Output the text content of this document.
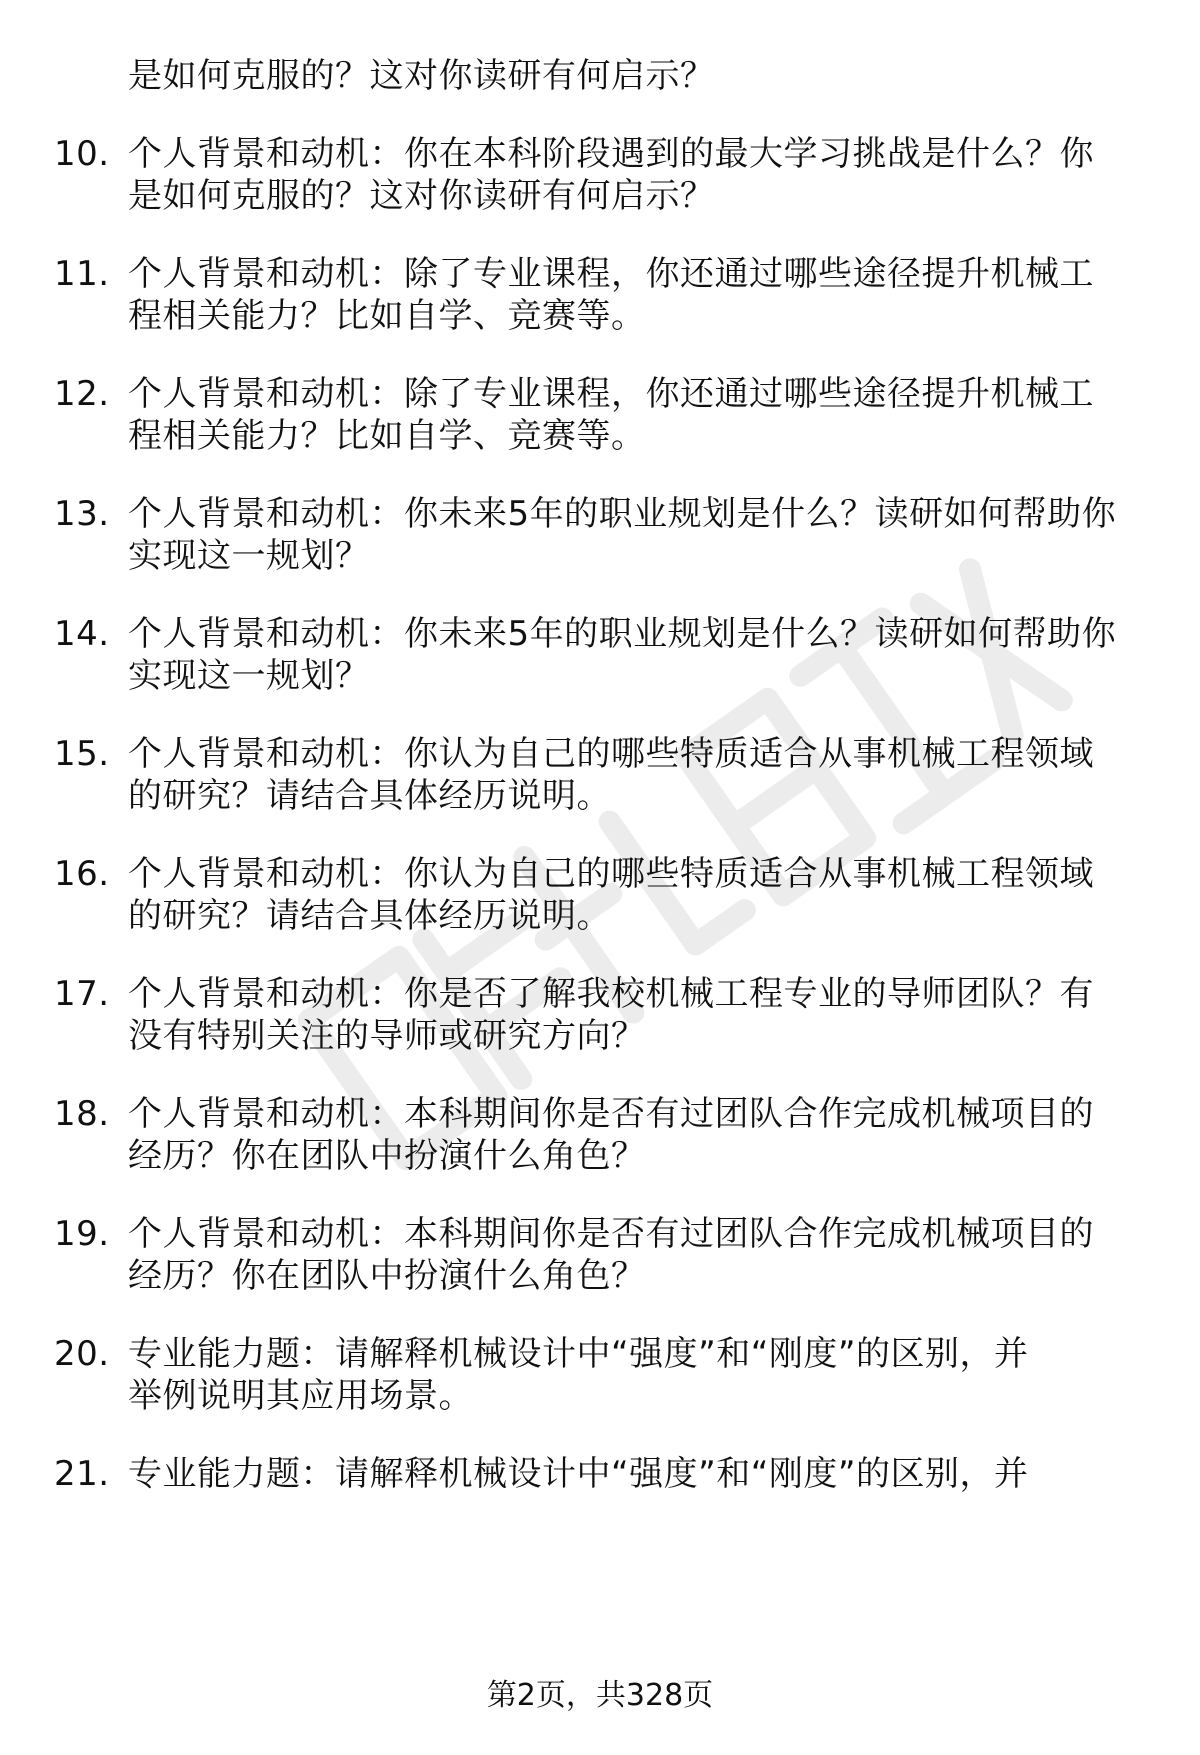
是如何克服的？这对你读研有何启示？
10. 个人背景和动机：你在本科阶段遇到的最大学习挑战是什么？你
是如何克服的？这对你读研有何启示？
11. 个人背景和动机：除了专业课程，你还通过哪些途径提升机械工
程相关能力？比如自学、竞赛等。
12. 个人背景和动机：除了专业课程，你还通过哪些途径提升机械工
程相关能力？比如自学、竞赛等。
13. 个人背景和动机：你未来5年的职业规划是什么？读研如何帮助你
实现这一规划？
14. 个人背景和动机：你未来5年的职业规划是什么？读研如何帮助你
实现这一规划？
15. 个人背景和动机：你认为自己的哪些特质适合从事机械工程领域
的研究？请结合具体经历说明。
16. 个人背景和动机：你认为自己的哪些特质适合从事机械工程领域
的研究？请结合具体经历说明。
17. 个人背景和动机：你是否了解我校机械工程专业的导师团队？有
没有特别关注的导师或研究方向？
18. 个人背景和动机：本科期间你是否有过团队合作完成机械项目的
经历？你在团队中扮演什么角色？
19. 个人背景和动机：本科期间你是否有过团队合作完成机械项目的
经历？你在团队中扮演什么角色？
20. 专业能力题：请解释机械设计中“强度”和“刚度”的区别，并
举例说明其应用场景。
21. 专业能力题：请解释机械设计中“强度”和“刚度”的区别，并
第2页，共328页
